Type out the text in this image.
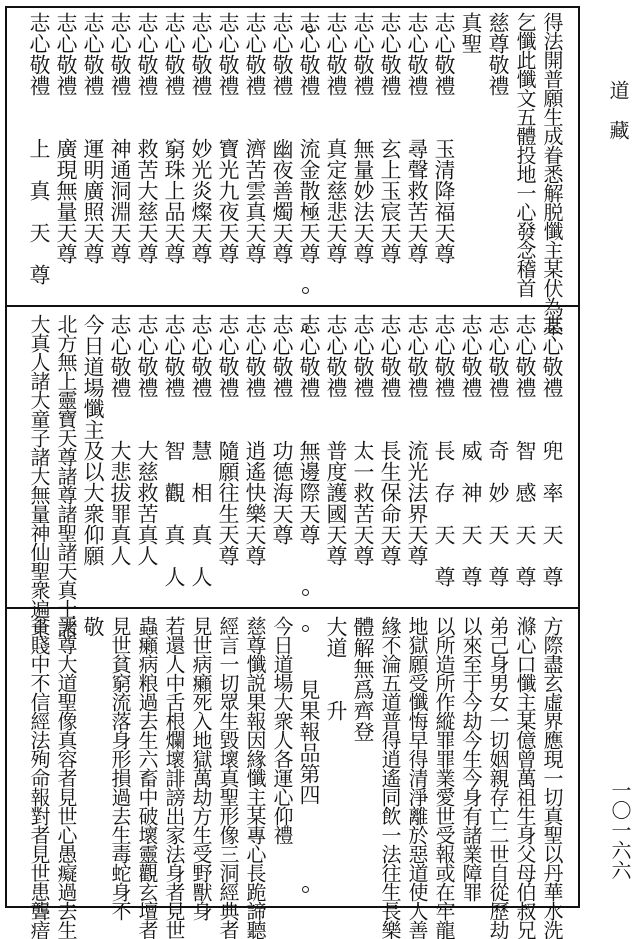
道　藏
一〇一六六
得法開普願生成眷悉解脱懺主某伏為某
乞懺此懺文五體投地一心發念稽首
慈尊敬禮
真聖
志心敬禮　　玉清降福天尊
志心敬禮　　尋聲救苦天尊
志心敬禮　　玄上玉宸天尊
志心敬禮　　無量妙法天尊
志心敬禮　　真定慈悲天尊
志心敬禮　　流金散極天尊
志心敬禮　　幽夜善燭天尊
志心敬禮　　濟苦雲真天尊
志心敬禮　　寶光九夜天尊
志心敬禮　　妙光炎燦天尊
志心敬禮　　窮珠上品天尊
志心敬禮　　救苦大慈天尊
志心敬禮　　神通洞淵天尊
志心敬禮　　運明廣照天尊
志心敬禮　　廣現無量天尊
志心敬禮　　上　真　天　尊
志心敬禮　　兜　率　天　尊
志心敬禮　　智　感　天　尊
志心敬禮　　奇　妙　天　尊
志心敬禮　　威　神　天　尊
志心敬禮　　長　存　天　尊
志心敬禮　　流光法界天尊
志心敬禮　　長生保命天尊
志心敬禮　　太一救苦天尊
志心敬禮　　普度護國天尊
志心敬禮　　無邊際天尊
志心敬禮　　功德海天尊
志心敬禮　　逍遙快樂天尊
志心敬禮　　隨願往生天尊
志心敬禮　　慧　相　真　人
志心敬禮　　智　觀　真　人
志心敬禮　　大慈救苦真人
志心敬禮　　大悲拔罪真人
今日道場懺主及以大衆仰願
北方無上靈寶天尊諸尊諸聖諸天真士諸
大真人諸大童子諸大無量神仙聖衆遍十
方際盡玄虛界應現一切真聖以丹華水洗
滌心口懺主某億曾萬祖生身父母伯叔兄
弟己身男女一切姻親存亡二世自從歷劫
以來至于今劫今生今身有諸業障罪
以所造所作縱罪罪業愛世受報或在牢龍
地獄願受懺悔早得清淨離於惡道使人善
緣不淪五道普得逍遙同飲一法往生長樂
體解無爲齊登
大道　　升
　　　見果報品第四
今日道場大衆人各運心仰禮
慈尊懺説果報因緣懺主某專心長跪諦聽
經言一切眾生毀壞真聖形像三洞經典者
見世病癩死入地獄萬劫方生受野獸身
若還人中舌根爛壞誹謗出家法身者見世
蟲癩病粮過去生六畜中破壞靈觀玄壇者
見世貧窮流落身形損過去生毒蛇身不
敬
天尊大道聖像真容者見世心愚癡過去生
貧賤中不信經法殉命報對者見世患聾瘖
